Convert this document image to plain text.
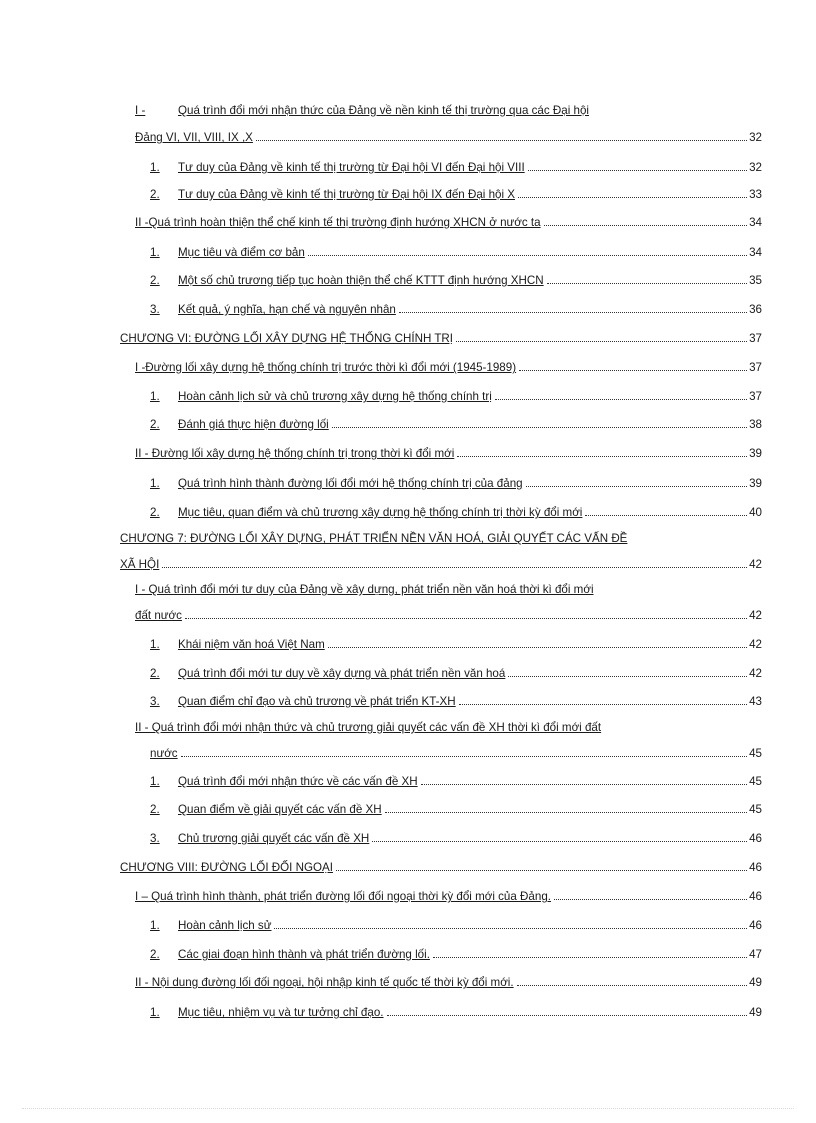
I -	Quá trình đổi mới nhận thức của Đảng về nền kinh tế thị trường qua các Đại hội
Đảng VI, VII, VIII, IX ,X	32
1.	Tư duy của Đảng về kinh tế thị trường từ Đại hội VI đến Đại hội VIII	32
2.	Tư duy của Đảng về kinh tế thị trường từ Đại hội IX đến Đại hội X	33
II -Quá trình hoàn thiện thể chế kinh tế thị trường định hướng XHCN ở nước ta	34
1.	Mục tiêu và điểm cơ bản	34
2.	Một số chủ trương tiếp tục hoàn thiện thể chế KTTT định hướng XHCN	35
3.	Kết quả, ý nghĩa, hạn chế và nguyên nhân	36
CHƯƠNG VI: ĐƯỜNG LỐI XÂY DỰNG HỆ THỐNG CHÍNH TRỊ	37
I -Đường lối xây dựng hệ thống chính trị trước thời kì đổi mới (1945-1989)	37
1.	Hoàn cảnh lịch sử và chủ trương xây dựng hệ thống chính trị	37
2.	Đánh giá thực hiện đường lối	38
II - Đường lối xây dựng hệ thống chính trị trong thời kì đổi mới	39
1.	Quá trình hình thành đường lối đổi mới hệ thống chính trị của đảng	39
2.	Mục tiêu, quan điểm và chủ trương xây dựng hệ thống chính trị thời kỳ đổi mới	40
CHƯƠNG 7: ĐƯỜNG LỐI XÂY DỰNG, PHÁT TRIỂN NỀN VĂN HOÁ, GIẢI QUYẾT CÁC VẤN ĐỀ
XÃ HỘI	42
I - Quá trình đổi mới tư duy của Đảng về xây dựng, phát triển nền văn hoá thời kì đổi mới
đất nước	42
1.	Khái niệm văn hoá Việt Nam	42
2.	Quá trình đổi mới tư duy về xây dựng và phát triển nền văn hoá	42
3.	Quan điểm chỉ đạo và chủ trương về phát triển KT-XH	43
II - Quá trình đổi mới nhận thức và chủ trương giải quyết các vấn đề XH thời kì đổi mới đất
nước	45
1.	Quá trình đổi mới nhận thức về các vấn đề XH	45
2.	Quan điểm về giải quyết các vấn đề XH	45
3.	Chủ trương giải quyết các vấn đề XH	46
CHƯƠNG VIII: ĐƯỜNG LỐI ĐỐI NGOẠI	46
I – Quá trình hình thành, phát triển đường lối đối ngoại thời kỳ đổi mới của Đảng.	46
1.	Hoàn cảnh lịch sử	46
2.	Các giai đoạn hình thành và phát triển đường lối.	47
II - Nội dung đường lối đối ngoại, hội nhập kinh tế quốc tế thời kỳ đổi mới.	49
1.	Mục tiêu, nhiệm vụ và tư tưởng chỉ đạo.	49
